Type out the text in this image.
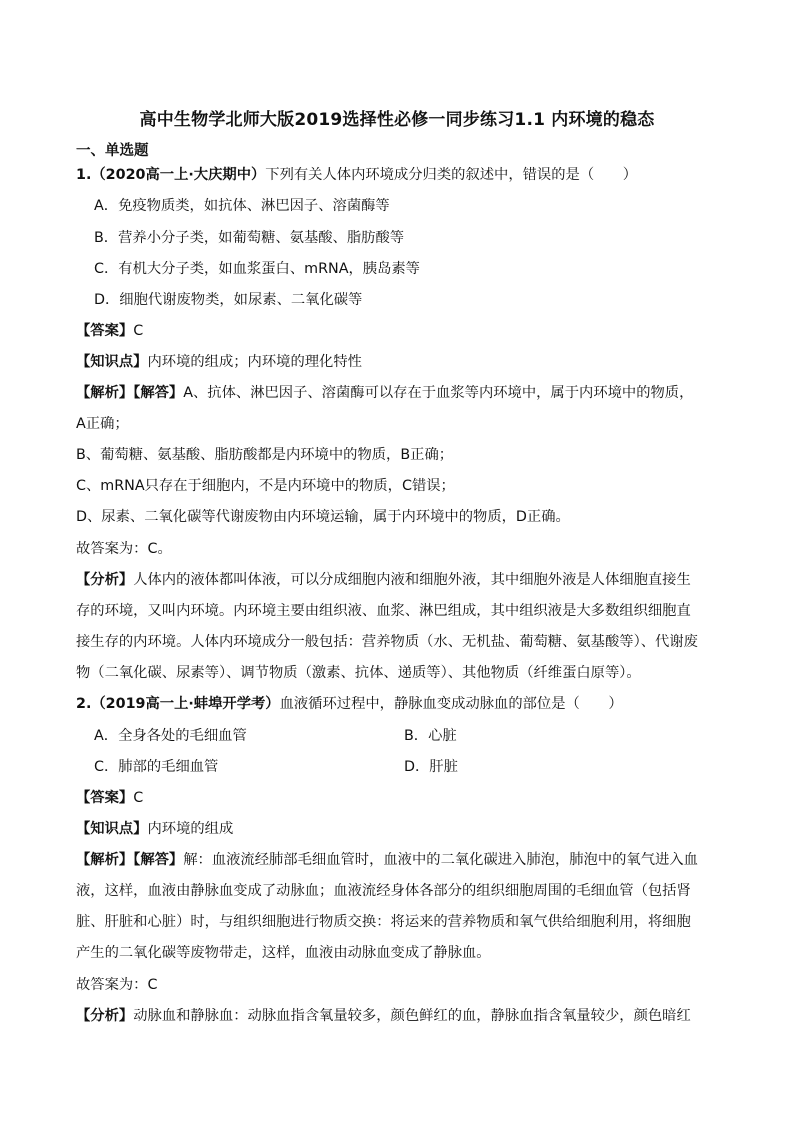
高中生物学北师大版2019选择性必修一同步练习1.1 内环境的稳态
一、单选题
1.（2020高一上·大庆期中）下列有关人体内环境成分归类的叙述中，错误的是（　　）
A．免疫物质类，如抗体、淋巴因子、溶菌酶等
B．营养小分子类，如葡萄糖、氨基酸、脂肪酸等
C．有机大分子类，如血浆蛋白、mRNA，胰岛素等
D．细胞代谢废物类，如尿素、二氧化碳等
【答案】C
【知识点】内环境的组成；内环境的理化特性
【解析】【解答】A、抗体、淋巴因子、溶菌酶可以存在于血浆等内环境中，属于内环境中的物质，
A正确；
B、葡萄糖、氨基酸、脂肪酸都是内环境中的物质，B正确；
C、mRNA只存在于细胞内，不是内环境中的物质，C错误；
D、尿素、二氧化碳等代谢废物由内环境运输，属于内环境中的物质，D正确。
故答案为：C。
【分析】人体内的液体都叫体液，可以分成细胞内液和细胞外液，其中细胞外液是人体细胞直接生
存的环境，又叫内环境。内环境主要由组织液、血浆、淋巴组成，其中组织液是大多数组织细胞直
接生存的内环境。人体内环境成分一般包括：营养物质（水、无机盐、葡萄糖、氨基酸等）、代谢废
物（二氧化碳、尿素等）、调节物质（激素、抗体、递质等）、其他物质（纤维蛋白原等）。
2.（2019高一上·蚌埠开学考）血液循环过程中，静脉血变成动脉血的部位是（　　）
A．全身各处的毛细血管	B．心脏
C．肺部的毛细血管	D．肝脏
【答案】C
【知识点】内环境的组成
【解析】【解答】解：血液流经肺部毛细血管时，血液中的二氧化碳进入肺泡，肺泡中的氧气进入血
液，这样，血液由静脉血变成了动脉血；血液流经身体各部分的组织细胞周围的毛细血管（包括肾
脏、肝脏和心脏）时，与组织细胞进行物质交换：将运来的营养物质和氧气供给细胞利用，将细胞
产生的二氧化碳等废物带走，这样，血液由动脉血变成了静脉血。
故答案为：C
【分析】动脉血和静脉血：动脉血指含氧量较多，颜色鲜红的血，静脉血指含氧量较少，颜色暗红
